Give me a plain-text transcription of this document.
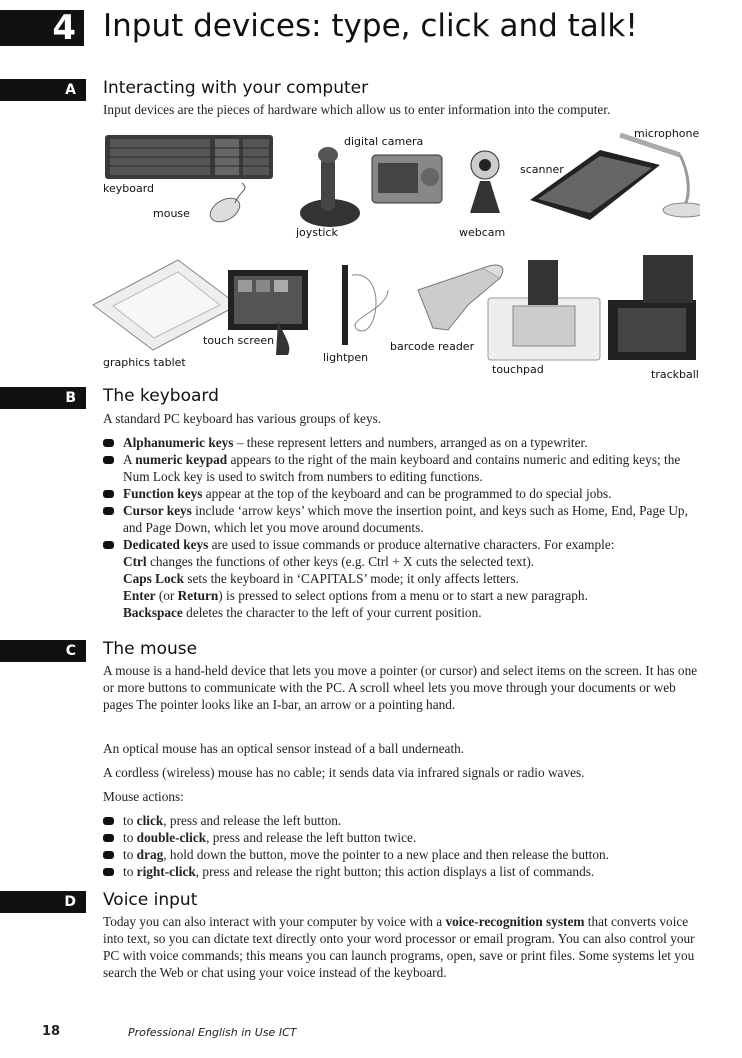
4 Input devices: type, click and talk!
A	Interacting with your computer
Input devices are the pieces of hardware which allow us to enter information into the computer.
keyboard
mouse
joystick
digital camera
webcam
scanner
microphone
graphics tablet
touch screen
lightpen
barcode reader
touchpad	trackball
B	The keyboard
A standard PC keyboard has various groups of keys.
Alphanumeric keys – these represent letters and numbers, arranged as on a typewriter.
A numeric keypad appears to the right of the main keyboard and contains numeric and editing keys; the Num Lock key is used to switch from numbers to editing functions.
Function keys appear at the top of the keyboard and can be programmed to do special jobs.
Cursor keys include ‘arrow keys’ which move the insertion point, and keys such as Home, End, Page Up, and Page Down, which let you move around documents.
Dedicated keys are used to issue commands or produce alternative characters. For example:
Ctrl changes the functions of other keys (e.g. Ctrl + X cuts the selected text).
Caps Lock sets the keyboard in ‘CAPITALS’ mode; it only affects letters.
Enter (or Return) is pressed to select options from a menu or to start a new paragraph.
Backspace deletes the character to the left of your current position.
C	The mouse
A mouse is a hand-held device that lets you move a pointer (or cursor) and select items on the screen. It has one or more buttons to communicate with the PC. A scroll wheel lets you move through your documents or web pages The pointer looks like an I-bar, an arrow or a pointing hand.
An optical mouse has an optical sensor instead of a ball underneath.
A cordless (wireless) mouse has no cable; it sends data via infrared signals or radio waves.
Mouse actions:
to click, press and release the left button.
to double-click, press and release the left button twice.
to drag, hold down the button, move the pointer to a new place and then release the button.
to right-click, press and release the right button; this action displays a list of commands.
D	Voice input
Today you can also interact with your computer by voice with a voice-recognition system that converts voice into text, so you can dictate text directly onto your word processor or email program. You can also control your PC with voice commands; this means you can launch programs, open, save or print files. Some systems let you search the Web or chat using your voice instead of the keyboard.
18	Professional English in Use ICT
